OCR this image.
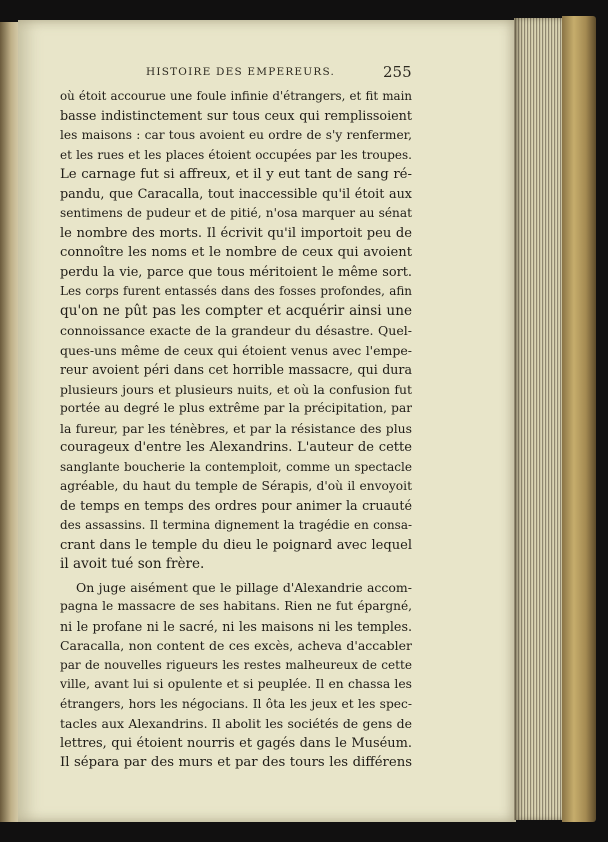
HISTOIRE DES EMPEREURS.	255
où étoit accourue une foule infinie d'étrangers, et fit main
basse indistinctement sur tous ceux qui remplissoient
les maisons : car tous avoient eu ordre de s'y renfermer,
et les rues et les places étoient occupées par les troupes.
Le carnage fut si affreux, et il y eut tant de sang ré-
pandu, que Caracalla, tout inaccessible qu'il étoit aux
sentimens de pudeur et de pitié, n'osa marquer au sénat
le nombre des morts. Il écrivit qu'il importoit peu de
connoître les noms et le nombre de ceux qui avoient
perdu la vie, parce que tous méritoient le même sort.
Les corps furent entassés dans des fosses profondes, afin
qu'on ne pût pas les compter et acquérir ainsi une
connoissance exacte de la grandeur du désastre. Quel-
ques-uns même de ceux qui étoient venus avec l'empe-
reur avoient péri dans cet horrible massacre, qui dura
plusieurs jours et plusieurs nuits, et où la confusion fut
portée au degré le plus extrême par la précipitation, par
la fureur, par les ténèbres, et par la résistance des plus
courageux d'entre les Alexandrins. L'auteur de cette
sanglante boucherie la contemploit, comme un spectacle
agréable, du haut du temple de Sérapis, d'où il envoyoit
de temps en temps des ordres pour animer la cruauté
des assassins. Il termina dignement la tragédie en consa-
crant dans le temple du dieu le poignard avec lequel
il avoit tué son frère.
On juge aisément que le pillage d'Alexandrie accom-
pagna le massacre de ses habitans. Rien ne fut épargné,
ni le profane ni le sacré, ni les maisons ni les temples.
Caracalla, non content de ces excès, acheva d'accabler
par de nouvelles rigueurs les restes malheureux de cette
ville, avant lui si opulente et si peuplée. Il en chassa les
étrangers, hors les négocians. Il ôta les jeux et les spec-
tacles aux Alexandrins. Il abolit les sociétés de gens de
lettres, qui étoient nourris et gagés dans le Muséum.
Il sépara par des murs et par des tours les différens
